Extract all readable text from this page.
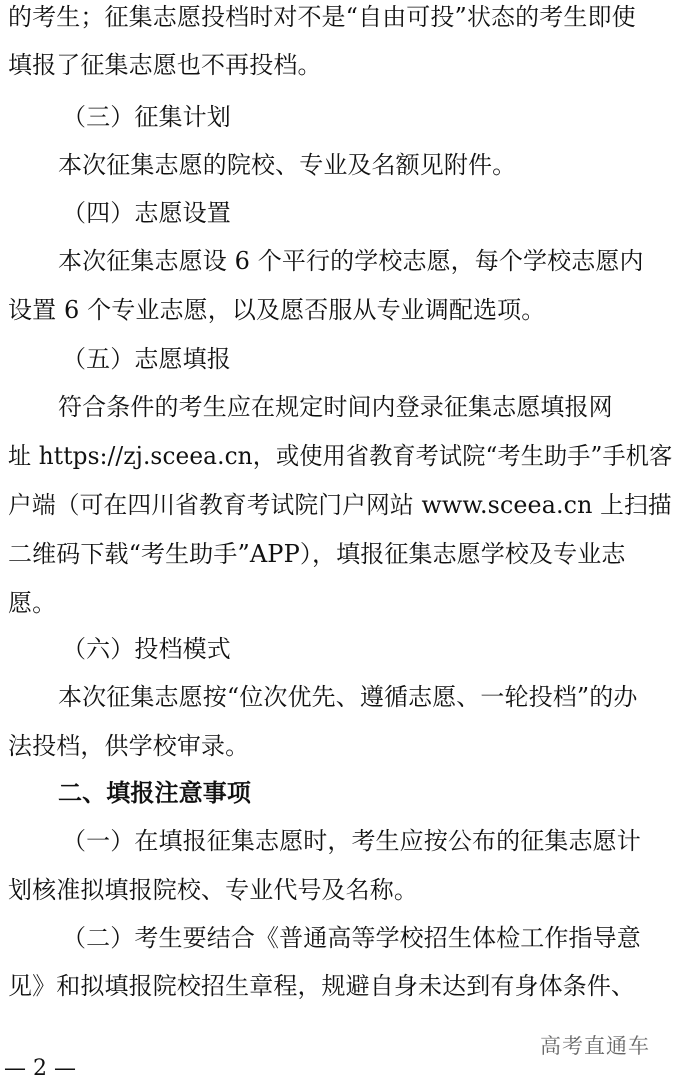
的考生；征集志愿投档时对不是“自由可投”状态的考生即使
填报了征集志愿也不再投档。
（三）征集计划
本次征集志愿的院校、专业及名额见附件。
（四）志愿设置
本次征集志愿设 6 个平行的学校志愿，每个学校志愿内
设置 6 个专业志愿，以及愿否服从专业调配选项。
（五）志愿填报
符合条件的考生应在规定时间内登录征集志愿填报网
址 https://zj.sceea.cn，或使用省教育考试院“考生助手”手机客
户端（可在四川省教育考试院门户网站 www.sceea.cn 上扫描
二维码下载“考生助手”APP），填报征集志愿学校及专业志
愿。
（六）投档模式
本次征集志愿按“位次优先、遵循志愿、一轮投档”的办
法投档，供学校审录。
二、填报注意事项
（一）在填报征集志愿时，考生应按公布的征集志愿计
划核准拟填报院校、专业代号及名称。
（二）考生要结合《普通高等学校招生体检工作指导意
见》和拟填报院校招生章程，规避自身未达到有身体条件、
高考直通车
— 2 —
